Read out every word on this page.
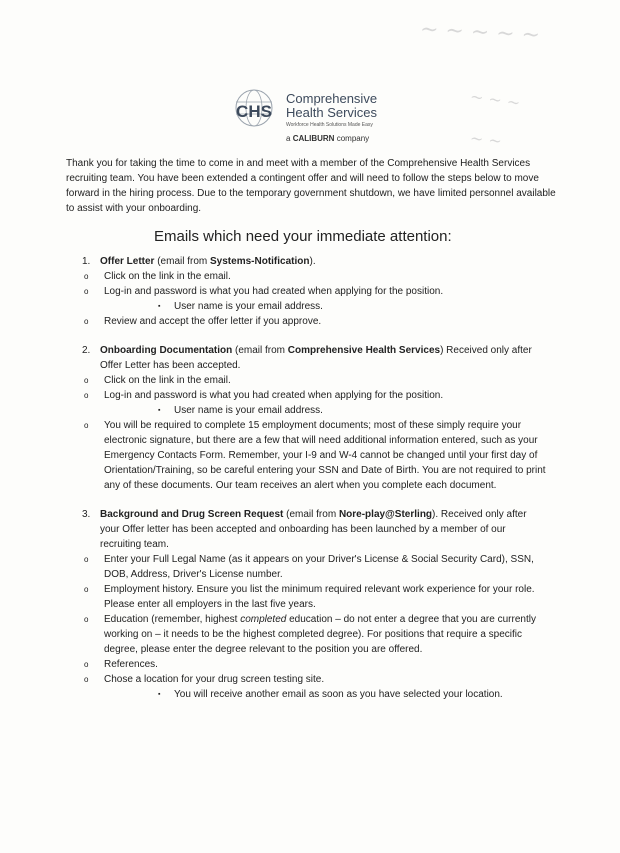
~ ~ ~ ~ ~
~ ~ ~
~ ~
CHS
Comprehensive
Health Services
Workforce Health Solutions Made Easy
a CALIBURN company
Thank you for taking the time to come in and meet with a member of the Comprehensive Health Services recruiting team. You have been extended a contingent offer and will need to follow the steps below to move forward in the hiring process. Due to the temporary government shutdown, we have limited personnel available to assist with your onboarding.
Emails which need your immediate attention:
1. Offer Letter (email from Systems-Notification).
o Click on the link in the email.
o Log-in and password is what you had created when applying for the position.
▪ User name is your email address.
o Review and accept the offer letter if you approve.
2. Onboarding Documentation (email from Comprehensive Health Services) Received only after Offer Letter has been accepted.
o Click on the link in the email.
o Log-in and password is what you had created when applying for the position.
▪ User name is your email address.
o You will be required to complete 15 employment documents; most of these simply require your electronic signature, but there are a few that will need additional information entered, such as your Emergency Contacts Form. Remember, your I-9 and W-4 cannot be changed until your first day of Orientation/Training, so be careful entering your SSN and Date of Birth. You are not required to print any of these documents. Our team receives an alert when you complete each document.
3. Background and Drug Screen Request (email from Nore-play@Sterling). Received only after your Offer letter has been accepted and onboarding has been launched by a member of our recruiting team.
o Enter your Full Legal Name (as it appears on your Driver's License & Social Security Card), SSN, DOB, Address, Driver's License number.
o Employment history. Ensure you list the minimum required relevant work experience for your role. Please enter all employers in the last five years.
o Education (remember, highest completed education – do not enter a degree that you are currently working on – it needs to be the highest completed degree). For positions that require a specific degree, please enter the degree relevant to the position you are offered.
o References.
o Chose a location for your drug screen testing site.
▪ You will receive another email as soon as you have selected your location.
